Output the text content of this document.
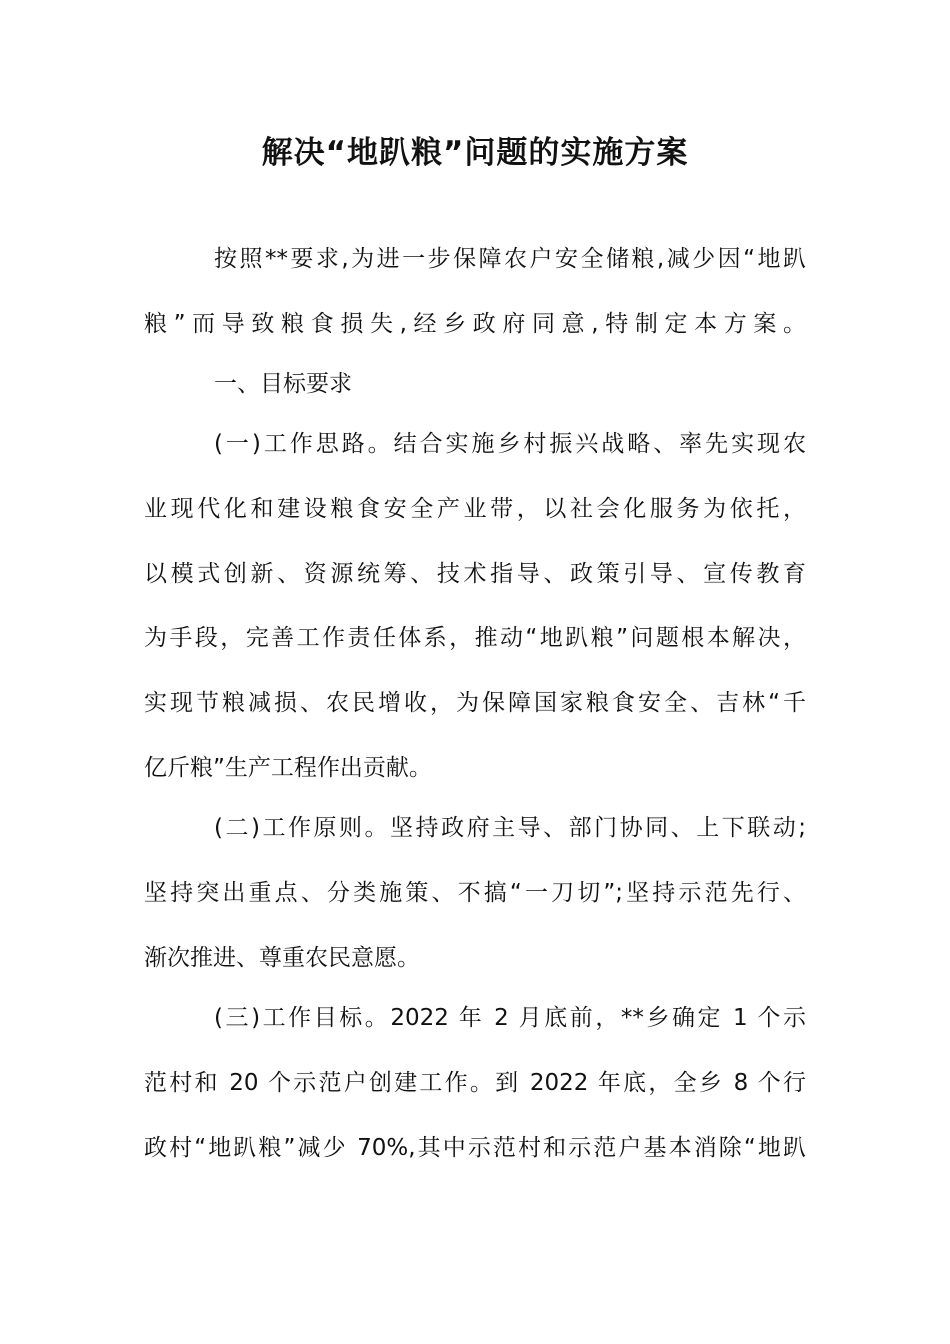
解决“地趴粮”问题的实施方案
按照**要求,为进一步保障农户安全储粮,减少因“地趴
粮”而导致粮食损失,经乡政府同意,特制定本方案。
一、目标要求
(一)工作思路。结合实施乡村振兴战略、率先实现农
业现代化和建设粮食安全产业带，以社会化服务为依托，
以模式创新、资源统筹、技术指导、政策引导、宣传教育
为手段，完善工作责任体系，推动“地趴粮”问题根本解决，
实现节粮减损、农民增收，为保障国家粮食安全、吉林“千
亿斤粮”生产工程作出贡献。
(二)工作原则。坚持政府主导、部门协同、上下联动;
坚持突出重点、分类施策、不搞“一刀切”;坚持示范先行、
渐次推进、尊重农民意愿。
(三)工作目标。2022 年 2 月底前，**乡确定 1 个示
范村和 20 个示范户创建工作。到 2022 年底，全乡 8 个行
政村“地趴粮”减少 70%,其中示范村和示范户基本消除“地趴
